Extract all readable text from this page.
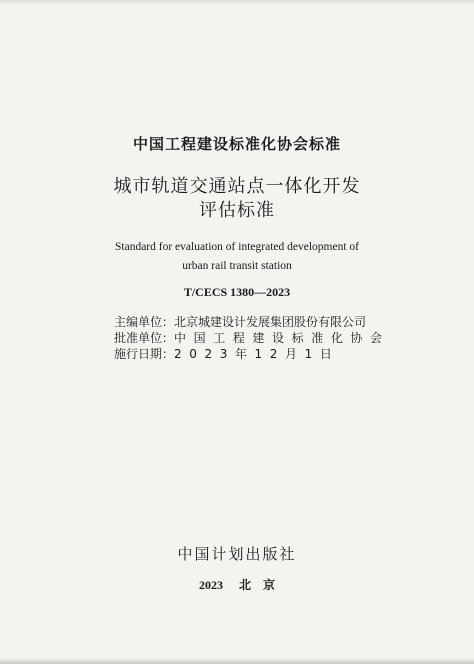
中国工程建设标准化协会标准
城市轨道交通站点一体化开发
评估标准
Standard for evaluation of integrated development of
urban rail transit station
T/CECS 1380—2023
主编单位：北京城建设计发展集团股份有限公司
批准单位：中国工程建设标准化协会
施行日期：2023年12月1日
中国计划出版社
2023 北　京
